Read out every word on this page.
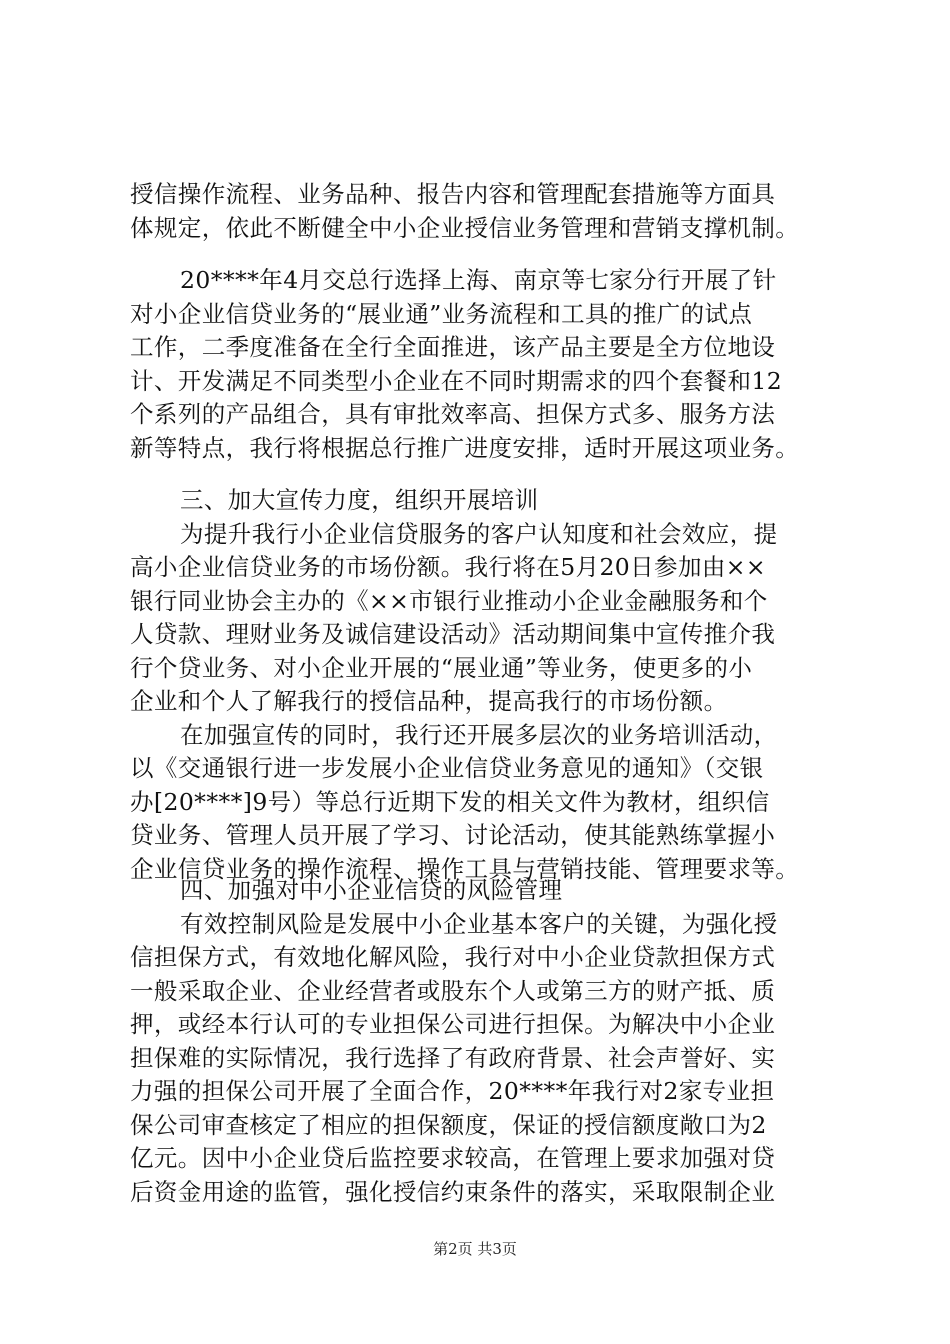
授信操作流程、业务品种、报告内容和管理配套措施等方面具

体规定，依此不断健全中小企业授信业务管理和营销支撑机制。

20****年4月交总行选择上海、南京等七家分行开展了针

对小企业信贷业务的“展业通”业务流程和工具的推广的试点

工作，二季度准备在全行全面推进，该产品主要是全方位地设

计、开发满足不同类型小企业在不同时期需求的四个套餐和12

个系列的产品组合，具有审批效率高、担保方式多、服务方法

新等特点，我行将根据总行推广进度安排，适时开展这项业务。

三、加大宣传力度，组织开展培训

为提升我行小企业信贷服务的客户认知度和社会效应，提

高小企业信贷业务的市场份额。我行将在5月20日参加由××

银行同业协会主办的《××市银行业推动小企业金融服务和个

人贷款、理财业务及诚信建设活动》活动期间集中宣传推介我

行个贷业务、对小企业开展的“展业通”等业务，使更多的小

企业和个人了解我行的授信品种，提高我行的市场份额。

在加强宣传的同时，我行还开展多层次的业务培训活动，

以《交通银行进一步发展小企业信贷业务意见的通知》（交银

办[20****]9号）等总行近期下发的相关文件为教材，组织信

贷业务、管理人员开展了学习、讨论活动，使其能熟练掌握小

企业信贷业务的操作流程、操作工具与营销技能、管理要求等。

四、加强对中小企业信贷的风险管理

有效控制风险是发展中小企业基本客户的关键，为强化授

信担保方式，有效地化解风险，我行对中小企业贷款担保方式

一般采取企业、企业经营者或股东个人或第三方的财产抵、质

押，或经本行认可的专业担保公司进行担保。为解决中小企业

担保难的实际情况，我行选择了有政府背景、社会声誉好、实

力强的担保公司开展了全面合作，20****年我行对2家专业担

保公司审查核定了相应的担保额度，保证的授信额度敞口为2

亿元。因中小企业贷后监控要求较高，在管理上要求加强对贷

后资金用途的监管，强化授信约束条件的落实，采取限制企业

第2页 共3页
